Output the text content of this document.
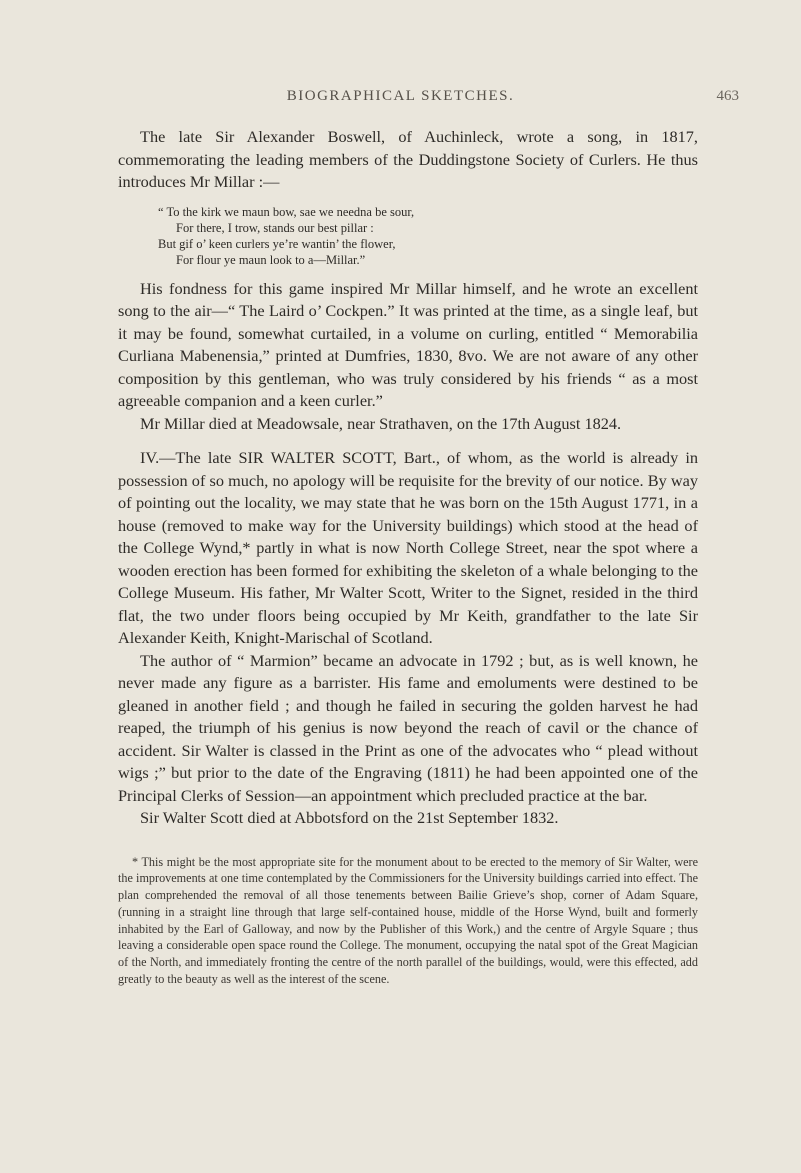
BIOGRAPHICAL SKETCHES.	463

The late Sir Alexander Boswell, of Auchinleck, wrote a song, in 1817, commemorating the leading members of the Duddingstone Society of Curlers. He thus introduces Mr Millar :—

“ To the kirk we maun bow, sae we needna be sour,
For there, I trow, stands our best pillar :
But gif o’ keen curlers ye’re wantin’ the flower,
For flour ye maun look to a—Millar.”

His fondness for this game inspired Mr Millar himself, and he wrote an excellent song to the air—“ The Laird o’ Cockpen.” It was printed at the time, as a single leaf, but it may be found, somewhat curtailed, in a volume on curling, entitled “ Memorabilia Curliana Mabenensia,” printed at Dumfries, 1830, 8vo. We are not aware of any other composition by this gentleman, who was truly considered by his friends “ as a most agreeable companion and a keen curler.”

Mr Millar died at Meadowsale, near Strathaven, on the 17th August 1824.

IV.—The late SIR WALTER SCOTT, Bart., of whom, as the world is already in possession of so much, no apology will be requisite for the brevity of our notice. By way of pointing out the locality, we may state that he was born on the 15th August 1771, in a house (removed to make way for the University buildings) which stood at the head of the College Wynd,* partly in what is now North College Street, near the spot where a wooden erection has been formed for exhibiting the skeleton of a whale belonging to the College Museum. His father, Mr Walter Scott, Writer to the Signet, resided in the third flat, the two under floors being occupied by Mr Keith, grandfather to the late Sir Alexander Keith, Knight-Marischal of Scotland.

The author of “ Marmion” became an advocate in 1792 ; but, as is well known, he never made any figure as a barrister. His fame and emoluments were destined to be gleaned in another field ; and though he failed in securing the golden harvest he had reaped, the triumph of his genius is now beyond the reach of cavil or the chance of accident. Sir Walter is classed in the Print as one of the advocates who “ plead without wigs ;” but prior to the date of the Engraving (1811) he had been appointed one of the Principal Clerks of Session—an appointment which precluded practice at the bar.

Sir Walter Scott died at Abbotsford on the 21st September 1832.

* This might be the most appropriate site for the monument about to be erected to the memory of Sir Walter, were the improvements at one time contemplated by the Commissioners for the University buildings carried into effect. The plan comprehended the removal of all those tenements between Bailie Grieve’s shop, corner of Adam Square, (running in a straight line through that large self-contained house, middle of the Horse Wynd, built and formerly inhabited by the Earl of Galloway, and now by the Publisher of this Work,) and the centre of Argyle Square ; thus leaving a considerable open space round the College. The monument, occupying the natal spot of the Great Magician of the North, and immediately fronting the centre of the north parallel of the buildings, would, were this effected, add greatly to the beauty as well as the interest of the scene.
